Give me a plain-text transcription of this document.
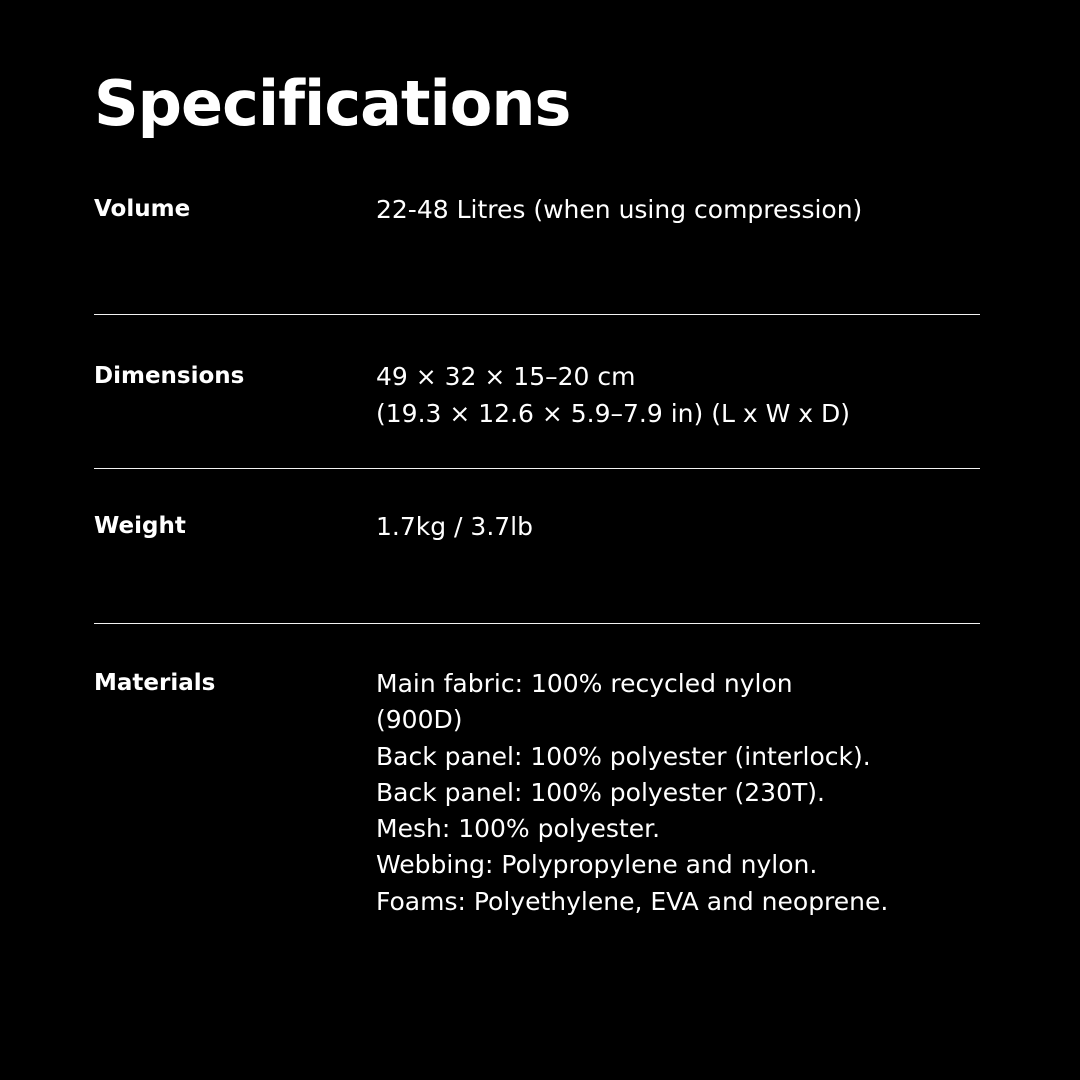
Specifications
Volume	22-48 Litres (when using compression)
Dimensions	49 × 32 × 15–20 cm
(19.3 × 12.6 × 5.9–7.9 in) (L x W x D)
Weight	1.7kg / 3.7lb
Materials	Main fabric: 100% recycled nylon
(900D)
Back panel: 100% polyester (interlock).
Back panel: 100% polyester (230T).
Mesh: 100% polyester.
Webbing: Polypropylene and nylon.
Foams: Polyethylene, EVA and neoprene.
